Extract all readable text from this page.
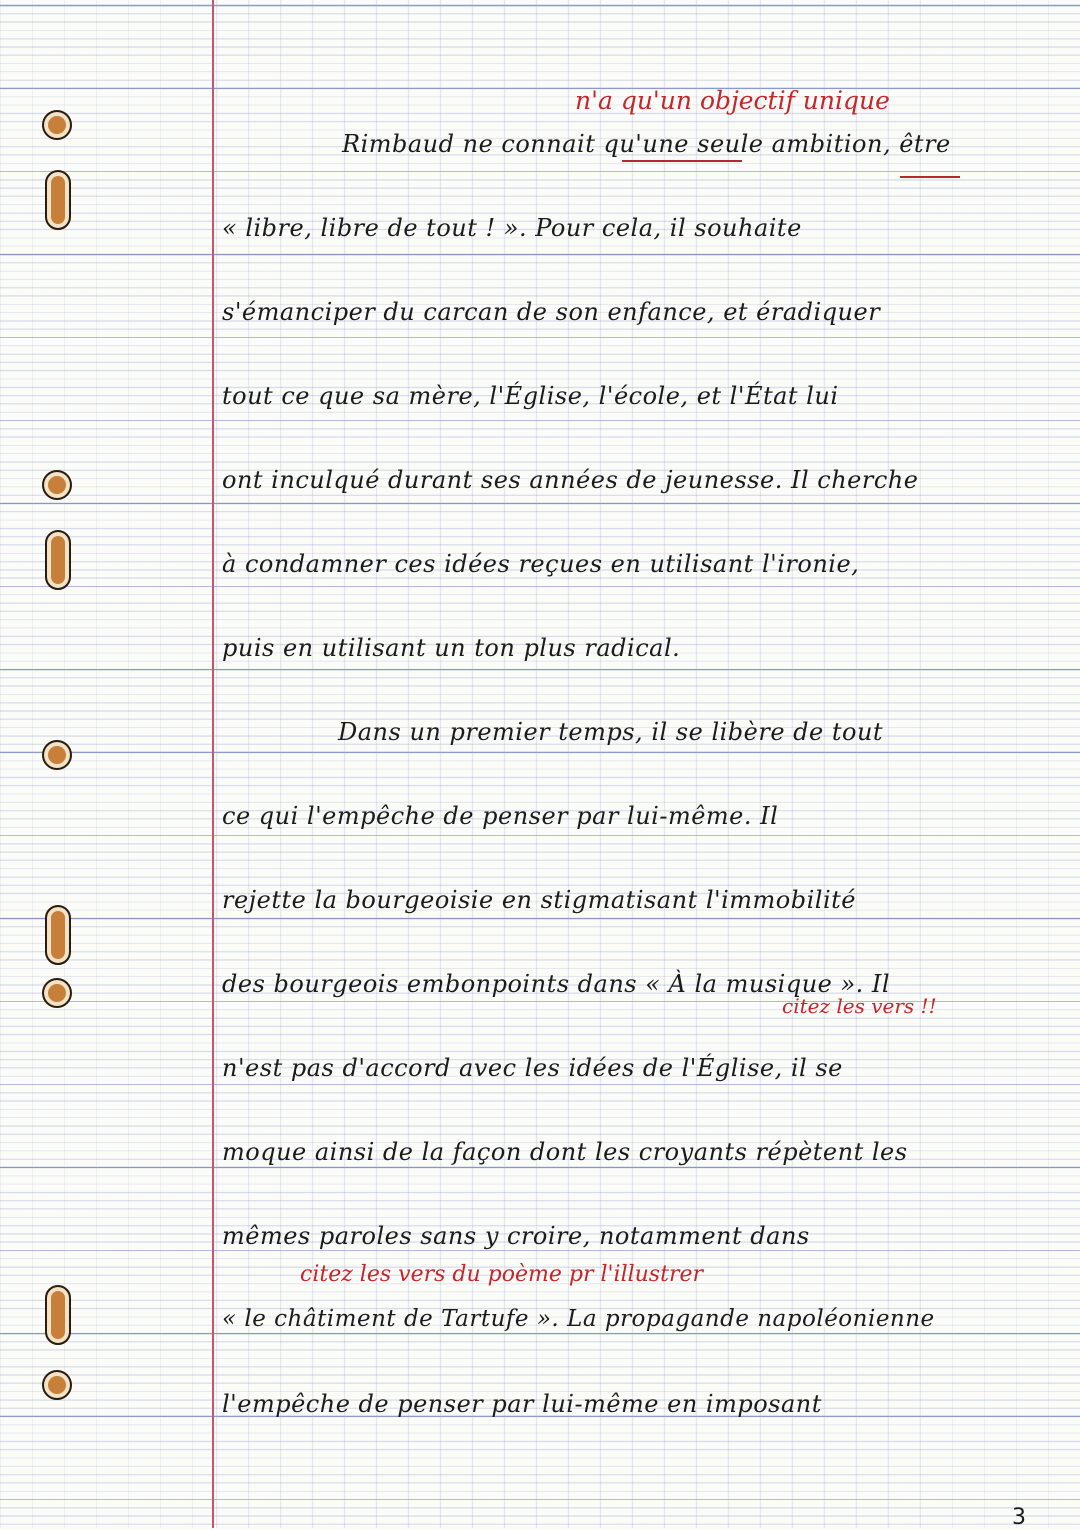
Rimbaud ne connait qu'une seule ambition, être
« libre, libre de tout ! ». Pour cela, il souhaite
s'émanciper du carcan de son enfance, et éradiquer
tout ce que sa mère, l'Église, l'école, et l'État lui
ont inculqué durant ses années de jeunesse. Il cherche
à condamner ces idées reçues en utilisant l'ironie,
puis en utilisant un ton plus radical.
Dans un premier temps, il se libère de tout
ce qui l'empêche de penser par lui-même. Il
rejette la bourgeoisie en stigmatisant l'immobilité
des bourgeois embonpoints dans « À la musique ». Il
n'est pas d'accord avec les idées de l'Église, il se
moque ainsi de la façon dont les croyants répètent les
mêmes paroles sans y croire, notamment dans
« le châtiment de Tartufe ». La propagande napoléonienne
l'empêche de penser par lui-même en imposant
n'a qu'un objectif unique
citez les vers !!
citez les vers du poème pr l'illustrer
3
